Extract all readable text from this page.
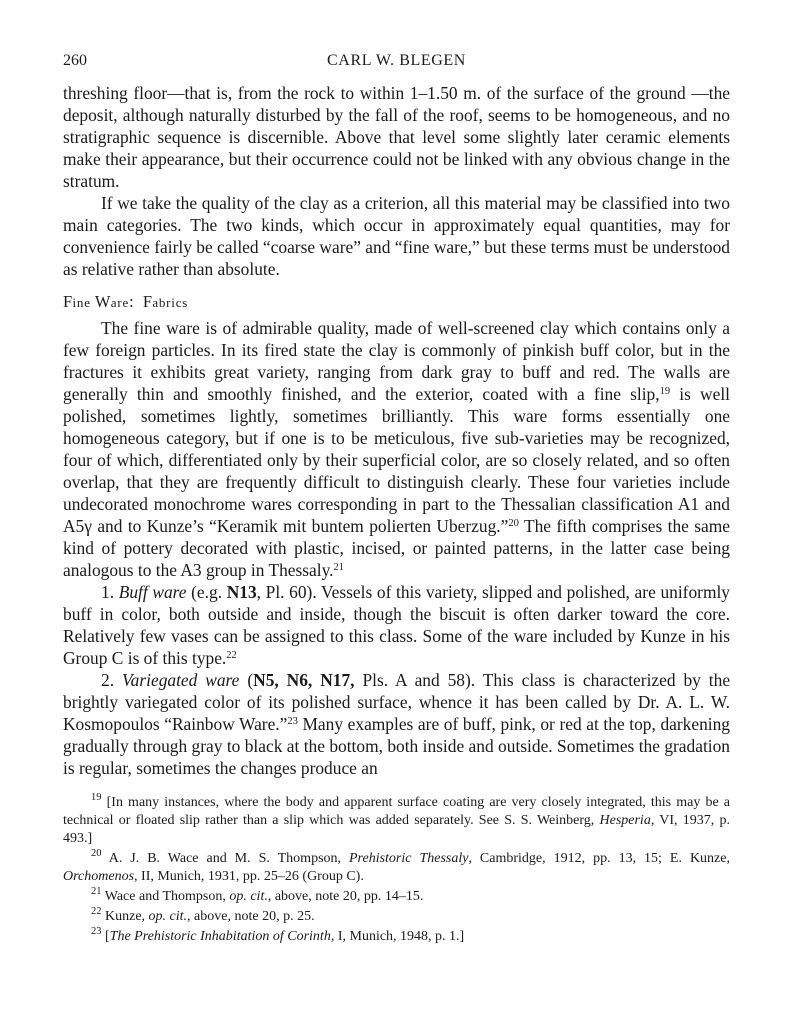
260	CARL W. BLEGEN

threshing floor—that is, from the rock to within 1–1.50 m. of the surface of the ground —the deposit, although naturally disturbed by the fall of the roof, seems to be homogeneous, and no stratigraphic sequence is discernible. Above that level some slightly later ceramic elements make their appearance, but their occurrence could not be linked with any obvious change in the stratum.

If we take the quality of the clay as a criterion, all this material may be classified into two main categories. The two kinds, which occur in approximately equal quantities, may for convenience fairly be called “coarse ware” and “fine ware,” but these terms must be understood as relative rather than absolute.

Fine Ware: Fabrics

The fine ware is of admirable quality, made of well-screened clay which contains only a few foreign particles. In its fired state the clay is commonly of pinkish buff color, but in the fractures it exhibits great variety, ranging from dark gray to buff and red. The walls are generally thin and smoothly finished, and the exterior, coated with a fine slip,$^{19}$ is well polished, sometimes lightly, sometimes brilliantly. This ware forms essentially one homogeneous category, but if one is to be meticulous, five sub-varieties may be recognized, four of which, differentiated only by their superficial color, are so closely related, and so often overlap, that they are frequently difficult to distinguish clearly. These four varieties include undecorated monochrome wares corresponding in part to the Thessalian classification A1 and A5γ and to Kunze’s “Keramik mit buntem polierten Uberzug.”$^{20}$ The fifth comprises the same kind of pottery decorated with plastic, incised, or painted patterns, in the latter case being analogous to the A3 group in Thessaly.$^{21}$

1. Buff ware (e.g. N13, Pl. 60). Vessels of this variety, slipped and polished, are uniformly buff in color, both outside and inside, though the biscuit is often darker toward the core. Relatively few vases can be assigned to this class. Some of the ware included by Kunze in his Group C is of this type.$^{22}$

2. Variegated ware (N5, N6, N17, Pls. A and 58). This class is characterized by the brightly variegated color of its polished surface, whence it has been called by Dr. A. L. W. Kosmopoulos “Rainbow Ware.”$^{23}$ Many examples are of buff, pink, or red at the top, darkening gradually through gray to black at the bottom, both inside and outside. Sometimes the gradation is regular, sometimes the changes produce an

$^{19}$ [In many instances, where the body and apparent surface coating are very closely integrated, this may be a technical or floated slip rather than a slip which was added separately. See S. S. Weinberg, Hesperia, VI, 1937, p. 493.]

$^{20}$ A. J. B. Wace and M. S. Thompson, Prehistoric Thessaly, Cambridge, 1912, pp. 13, 15; E. Kunze, Orchomenos, II, Munich, 1931, pp. 25–26 (Group C).

$^{21}$ Wace and Thompson, op. cit., above, note 20, pp. 14–15.

$^{22}$ Kunze, op. cit., above, note 20, p. 25.

$^{23}$ [The Prehistoric Inhabitation of Corinth, I, Munich, 1948, p. 1.]
